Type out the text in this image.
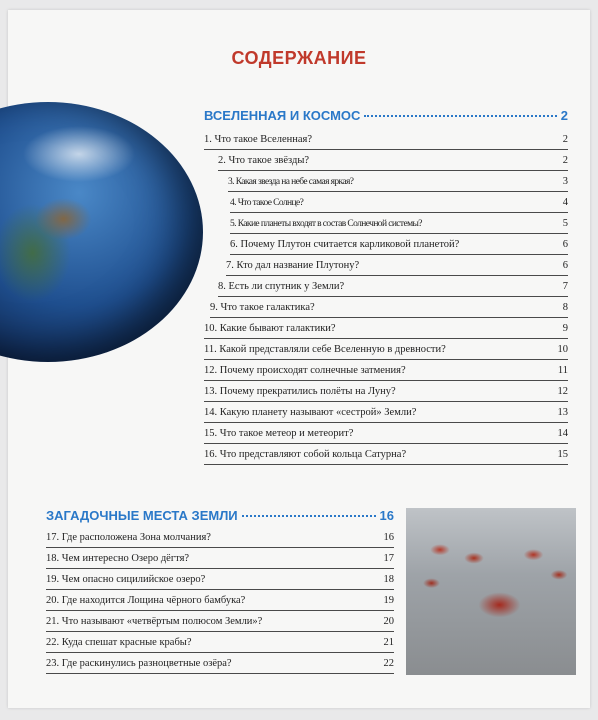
СОДЕРЖАНИЕ
ВСЕЛЕННАЯ И КОСМОС	2
1. Что такое Вселенная?	2
2. Что такое звёзды?	2
3. Какая звезда на небе самая яркая?	3
4. Что такое Солнце?	4
5. Какие планеты входят в состав Солнечной системы?	5
6. Почему Плутон считается карликовой планетой?	6
7. Кто дал название Плутону?	6
8. Есть ли спутник у Земли?	7
9. Что такое галактика?	8
10. Какие бывают галактики?	9
11. Какой представляли себе Вселенную в древности?	10
12. Почему происходят солнечные затмения?	11
13. Почему прекратились полёты на Луну?	12
14. Какую планету называют «сестрой» Земли?	13
15. Что такое метеор и метеорит?	14
16. Что представляют собой кольца Сатурна?	15
ЗАГАДОЧНЫЕ МЕСТА ЗЕМЛИ	16
17. Где расположена Зона молчания?	16
18. Чем интересно Озеро дёгтя?	17
19. Чем опасно сицилийское озеро?	18
20. Где находится Лощина чёрного бамбука?	19
21. Что называют «четвёртым полюсом Земли»?	20
22. Куда спешат красные крабы?	21
23. Где раскинулись разноцветные озёра?	22
